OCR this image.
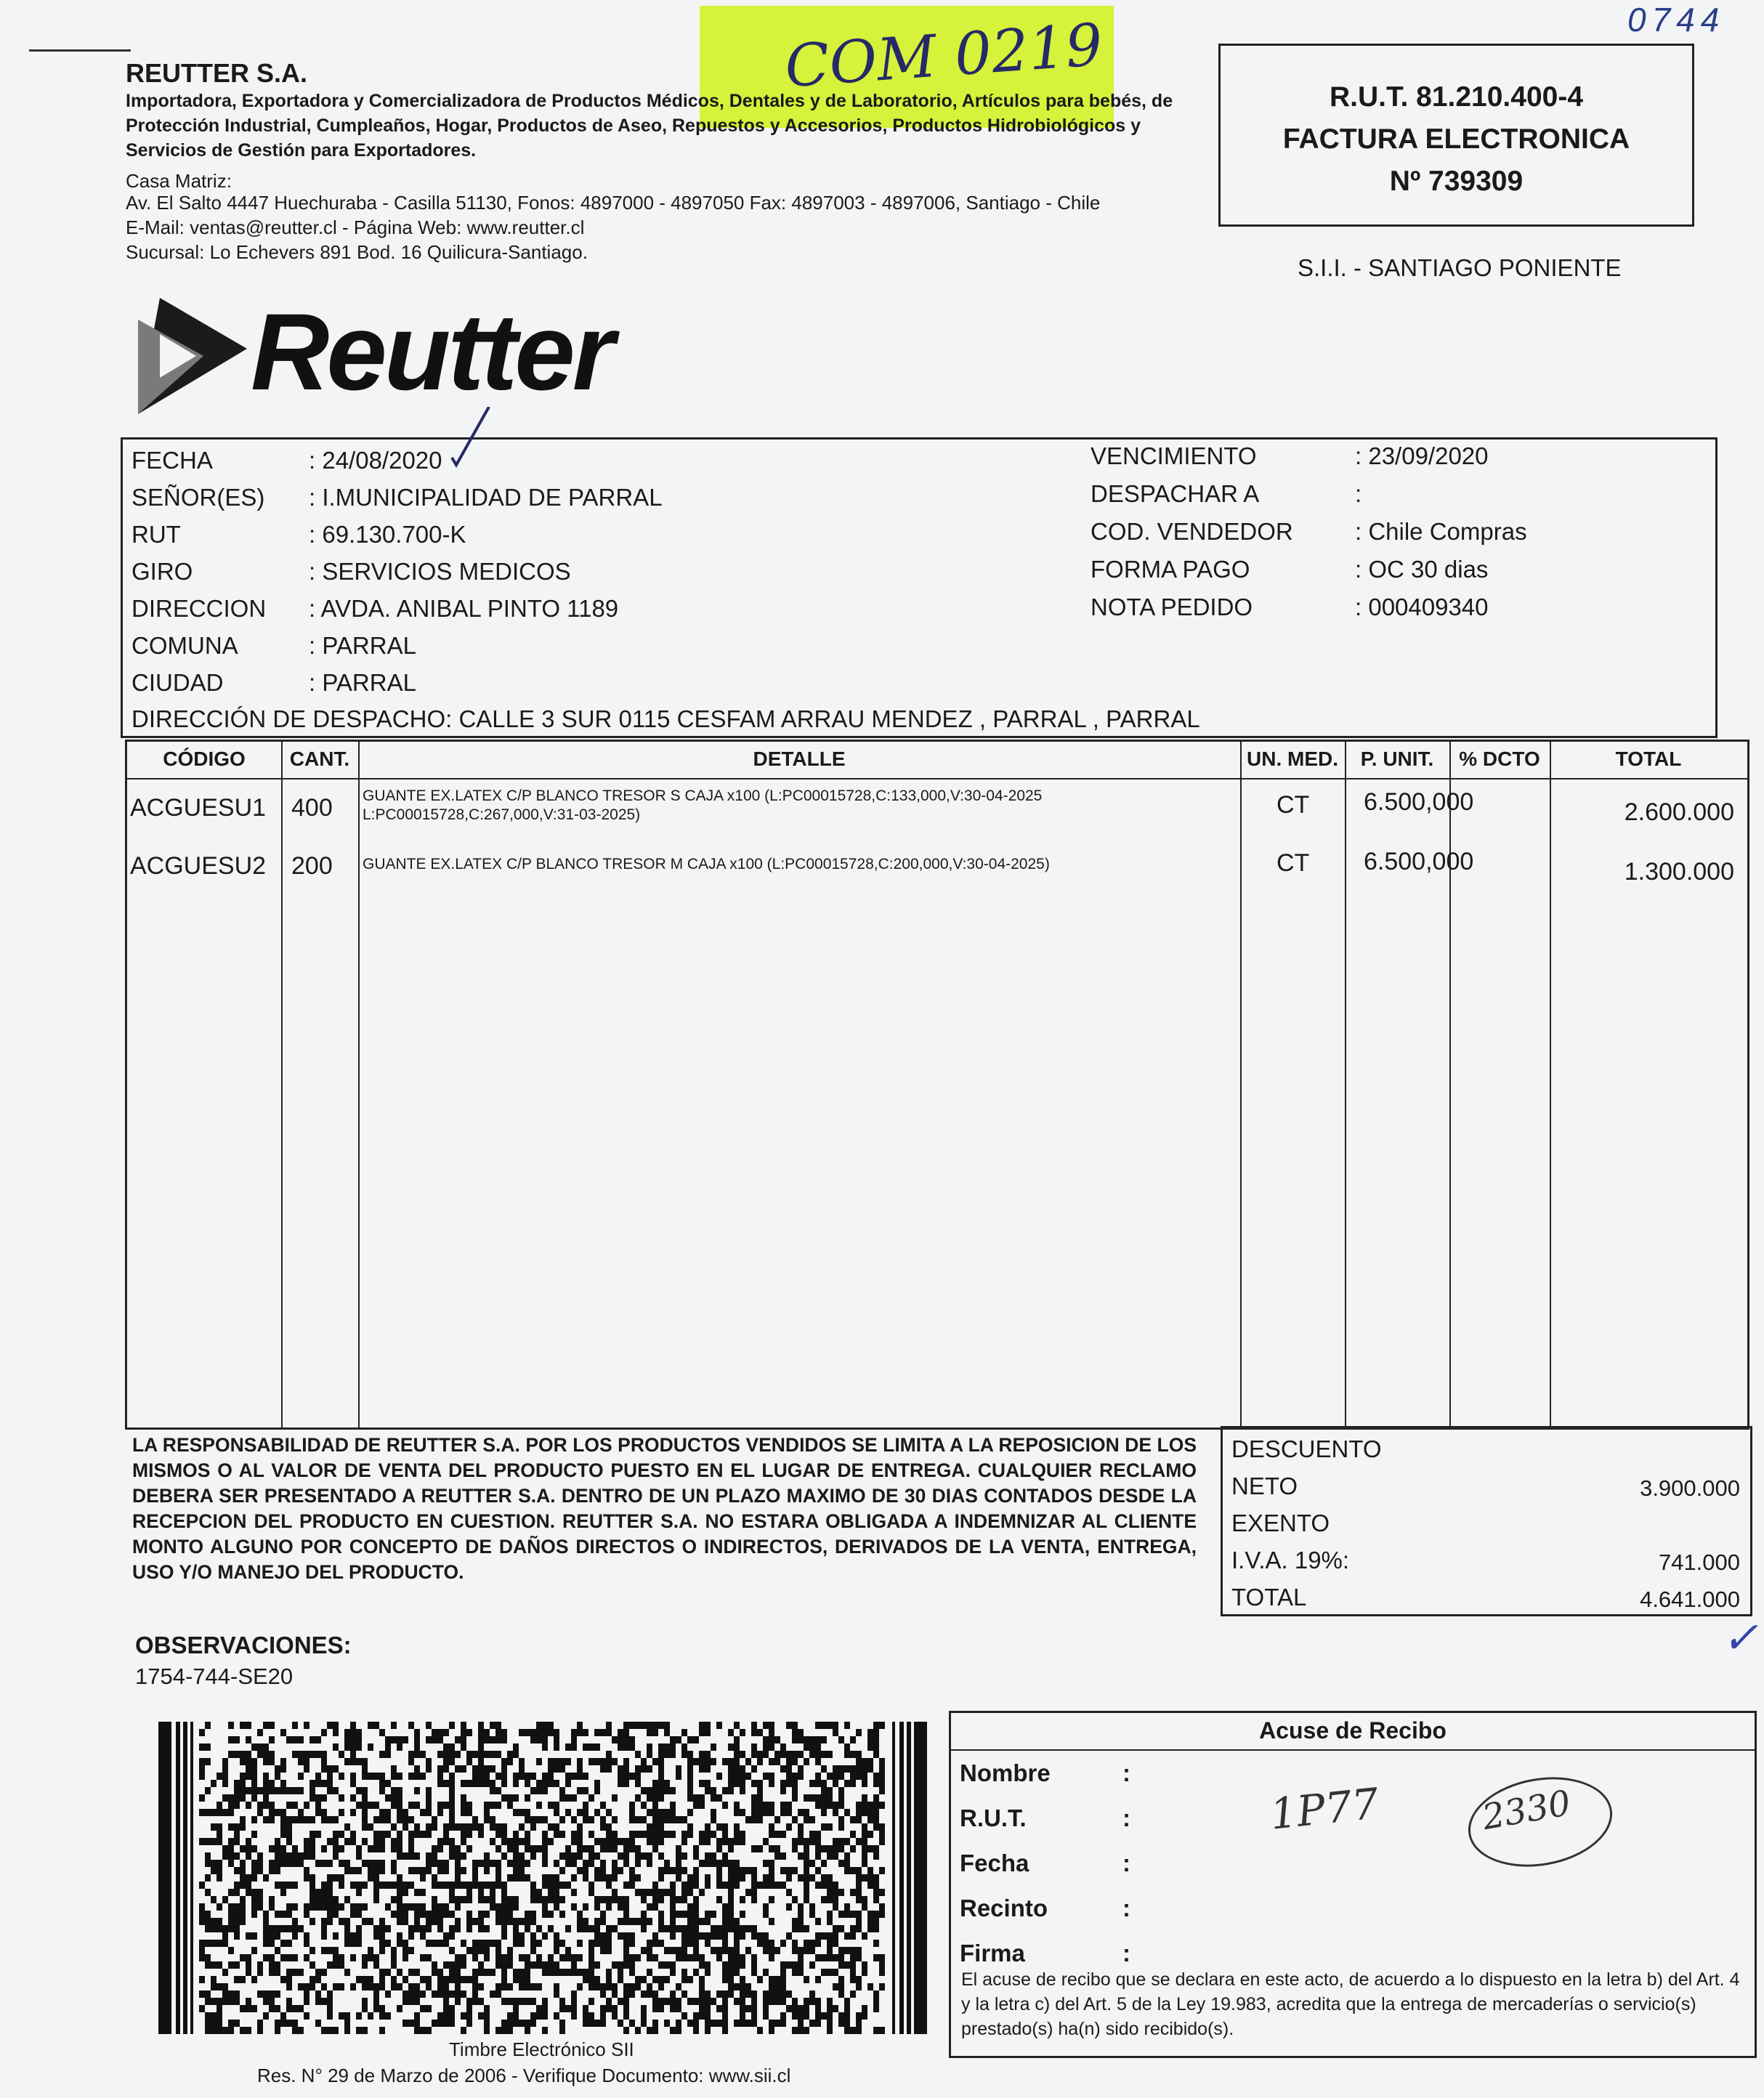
COM 0219	0744
REUTTER S.A.
Importadora, Exportadora y Comercializadora de Productos Médicos, Dentales y de Laboratorio, Artículos para bebés, de Protección Industrial, Cumpleaños, Hogar, Productos de Aseo, Repuestos y Accesorios, Productos Hidrobiológicos y Servicios de Gestión para Exportadores.
Casa Matriz:
Av. El Salto 4447 Huechuraba - Casilla 51130, Fonos: 4897000 - 4897050 Fax: 4897003 - 4897006, Santiago - Chile
E-Mail: ventas@reutter.cl - Página Web: www.reutter.cl
Sucursal: Lo Echevers 891 Bod. 16 Quilicura-Santiago.
R.U.T. 81.210.400-4
FACTURA ELECTRONICA
Nº 739309
S.I.I. - SANTIAGO PONIENTE
Reutter
FECHA	: 24/08/2020
SEÑOR(ES) : I.MUNICIPALIDAD DE PARRAL
RUT	: 69.130.700-K
GIRO	: SERVICIOS MEDICOS
DIRECCION : AVDA. ANIBAL PINTO 1189
COMUNA	: PARRAL
CIUDAD	: PARRAL
VENCIMIENTO	: 23/09/2020
DESPACHAR A	:
COD. VENDEDOR	: Chile Compras
FORMA PAGO	: OC 30 dias
NOTA PEDIDO	: 000409340
DIRECCIÓN DE DESPACHO: CALLE 3 SUR 0115 CESFAM ARRAU MENDEZ , PARRAL , PARRAL
CÓDIGO	CANT.	DETALLE	UN. MED.	P. UNIT.	% DCTO	TOTAL
ACGUESU1 400 GUANTE EX.LATEX C/P BLANCO TRESOR S CAJA x100 (L:PC00015728,C:133,000,V:30-04-2025 L:PC00015728,C:267,000,V:31-03-2025)	CT 6.500,000	2.600.000
ACGUESU2 200 GUANTE EX.LATEX C/P BLANCO TRESOR M CAJA x100 (L:PC00015728,C:200,000,V:30-04-2025)	CT 6.500,000	1.300.000
LA RESPONSABILIDAD DE REUTTER S.A. POR LOS PRODUCTOS VENDIDOS SE LIMITA A LA REPOSICION DE LOS MISMOS O AL VALOR DE VENTA DEL PRODUCTO PUESTO EN EL LUGAR DE ENTREGA. CUALQUIER RECLAMO DEBERA SER PRESENTADO A REUTTER S.A. DENTRO DE UN PLAZO MAXIMO DE 30 DIAS CONTADOS DESDE LA RECEPCION DEL PRODUCTO EN CUESTION. REUTTER S.A. NO ESTARA OBLIGADA A INDEMNIZAR AL CLIENTE MONTO ALGUNO POR CONCEPTO DE DAÑOS DIRECTOS O INDIRECTOS, DERIVADOS DE LA VENTA, ENTREGA, USO Y/O MANEJO DEL PRODUCTO.
DESCUENTO
NETO	3.900.000
EXENTO
I.V.A. 19%:	741.000
TOTAL	4.641.000
OBSERVACIONES:
1754-744-SE20
Timbre Electrónico SII
Res. N° 29 de Marzo de 2006 - Verifique Documento: www.sii.cl
Acuse de Recibo
Nombre	:
R.U.T.	:
Fecha	:
Recinto	:
Firma	:
El acuse de recibo que se declara en este acto, de acuerdo a lo dispuesto en la letra b) del Art. 4 y la letra c) del Art. 5 de la Ley 19.983, acredita que la entrega de mercaderías o servicio(s) prestado(s) ha(n) sido recibido(s).
1P77	2330
✓
